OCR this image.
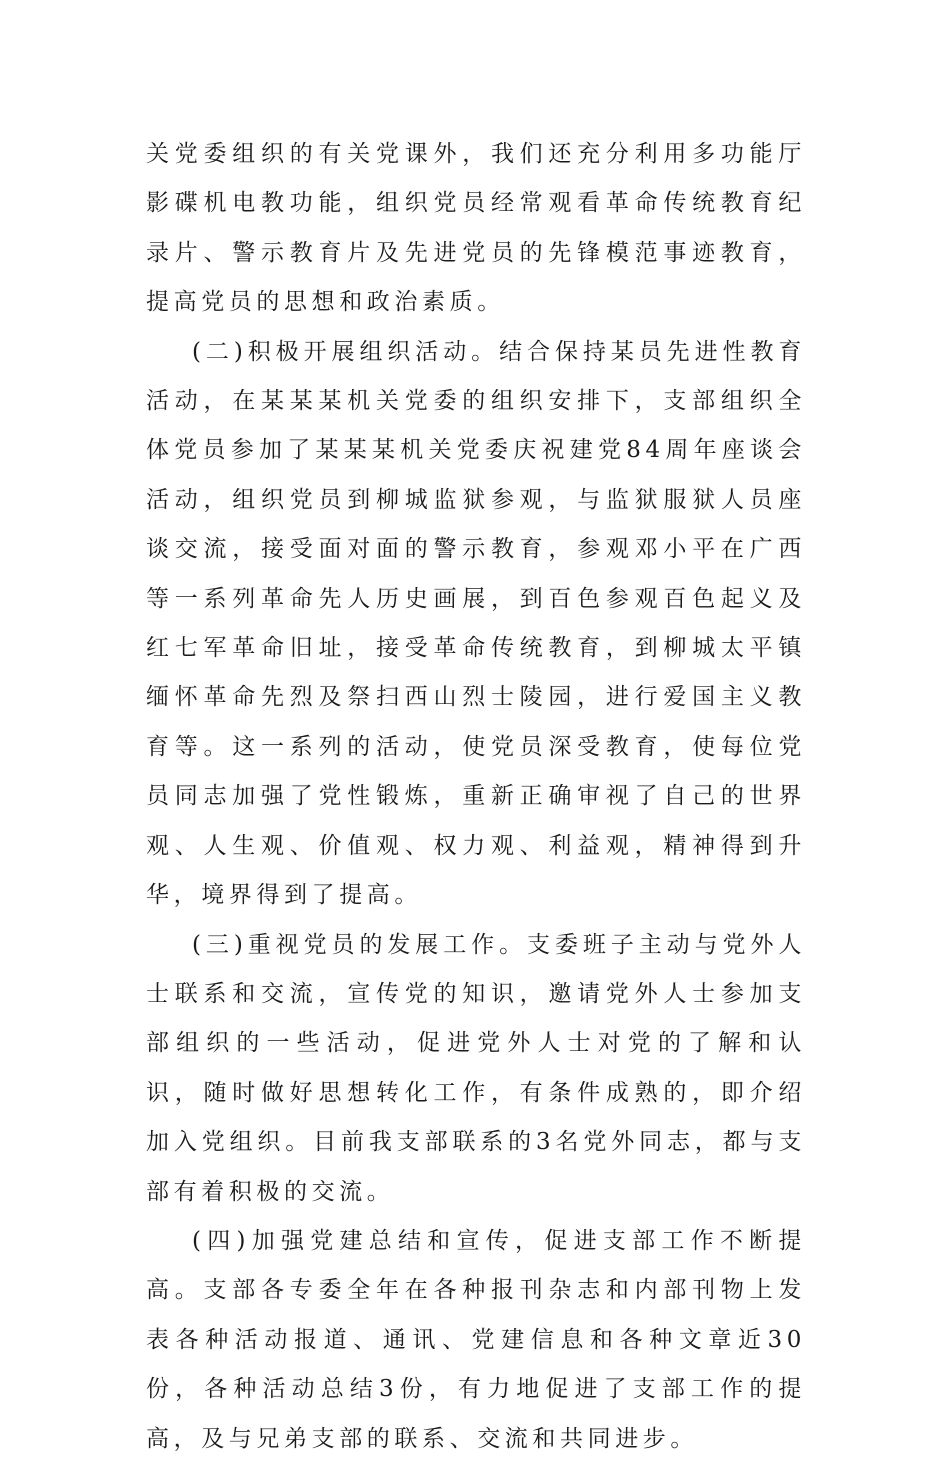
关党委组织的有关党课外，我们还充分利用多功能厅影碟机电教功能，组织党员经常观看革命传统教育纪录片、警示教育片及先进党员的先锋模范事迹教育，提高党员的思想和政治素质。

(二)积极开展组织活动。结合保持某员先进性教育活动，在某某某机关党委的组织安排下，支部组织全体党员参加了某某某机关党委庆祝建党84周年座谈会活动，组织党员到柳城监狱参观，与监狱服狱人员座谈交流，接受面对面的警示教育，参观邓小平在广西等一系列革命先人历史画展，到百色参观百色起义及红七军革命旧址，接受革命传统教育，到柳城太平镇缅怀革命先烈及祭扫西山烈士陵园，进行爱国主义教育等。这一系列的活动，使党员深受教育，使每位党员同志加强了党性锻炼，重新正确审视了自己的世界观、人生观、价值观、权力观、利益观，精神得到升华，境界得到了提高。

(三)重视党员的发展工作。支委班子主动与党外人士联系和交流，宣传党的知识，邀请党外人士参加支部组织的一些活动，促进党外人士对党的了解和认识，随时做好思想转化工作，有条件成熟的，即介绍加入党组织。目前我支部联系的3名党外同志，都与支部有着积极的交流。

(四)加强党建总结和宣传，促进支部工作不断提高。支部各专委全年在各种报刊杂志和内部刊物上发表各种活动报道、通讯、党建信息和各种文章近30份，各种活动总结3份，有力地促进了支部工作的提高，及与兄弟支部的联系、交流和共同进步。
